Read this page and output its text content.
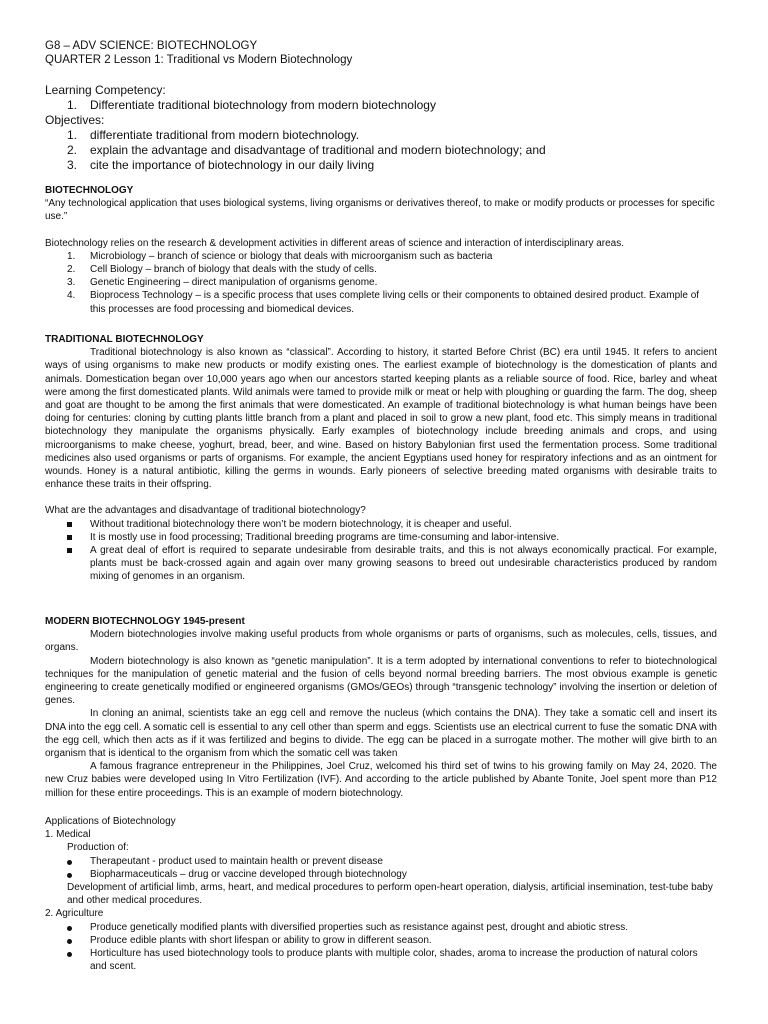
G8 – ADV SCIENCE: BIOTECHNOLOGY
QUARTER 2 Lesson 1: Traditional vs Modern Biotechnology
Learning Competency:
1. Differentiate traditional biotechnology from modern biotechnology
Objectives:
1. differentiate traditional from modern biotechnology.
2. explain the advantage and disadvantage of traditional and modern biotechnology; and
3. cite the importance of biotechnology in our daily living
BIOTECHNOLOGY

“Any technological application that uses biological systems, living organisms or derivatives thereof, to make or modify products or processes for specific use.”

Biotechnology relies on the research & development activities in different areas of science and interaction of interdisciplinary areas.

1. Microbiology – branch of science or biology that deals with microorganism such as bacteria
2. Cell Biology – branch of biology that deals with the study of cells.
3. Genetic Engineering – direct manipulation of organisms genome.
4. Bioprocess Technology – is a specific process that uses complete living cells or their components to obtained desired product. Example of this processes are food processing and biomedical devices.
TRADITIONAL BIOTECHNOLOGY

Traditional biotechnology is also known as “classical”. According to history, it started Before Christ (BC) era until 1945. It refers to ancient ways of using organisms to make new products or modify existing ones. The earliest example of biotechnology is the domestication of plants and animals. Domestication began over 10,000 years ago when our ancestors started keeping plants as a reliable source of food. Rice, barley and wheat were among the first domesticated plants. Wild animals were tamed to provide milk or meat or help with ploughing or guarding the farm. The dog, sheep and goat are thought to be among the first animals that were domesticated. An example of traditional biotechnology is what human beings have been doing for centuries: cloning by cutting plants little branch from a plant and placed in soil to grow a new plant, food etc. This simply means in traditional biotechnology they manipulate the organisms physically. Early examples of biotechnology include breeding animals and crops, and using microorganisms to make cheese, yoghurt, bread, beer, and wine. Based on history Babylonian first used the fermentation process. Some traditional medicines also used organisms or parts of organisms. For example, the ancient Egyptians used honey for respiratory infections and as an ointment for wounds. Honey is a natural antibiotic, killing the germs in wounds. Early pioneers of selective breeding mated organisms with desirable traits to enhance these traits in their offspring.

What are the advantages and disadvantage of traditional biotechnology?

Without traditional biotechnology there won’t be modern biotechnology, it is cheaper and useful.
It is mostly use in food processing; Traditional breeding programs are time-consuming and labor-intensive.
A great deal of effort is required to separate undesirable from desirable traits, and this is not always economically practical. For example, plants must be back-crossed again and again over many growing seasons to breed out undesirable characteristics produced by random mixing of genomes in an organism.
MODERN BIOTECHNOLOGY 1945-present

Modern biotechnologies involve making useful products from whole organisms or parts of organisms, such as molecules, cells, tissues, and organs.

Modern biotechnology is also known as “genetic manipulation”. It is a term adopted by international conventions to refer to biotechnological techniques for the manipulation of genetic material and the fusion of cells beyond normal breeding barriers. The most obvious example is genetic engineering to create genetically modified or engineered organisms (GMOs/GEOs) through “transgenic technology” involving the insertion or deletion of genes.

In cloning an animal, scientists take an egg cell and remove the nucleus (which contains the DNA). They take a somatic cell and insert its DNA into the egg cell. A somatic cell is essential to any cell other than sperm and eggs. Scientists use an electrical current to fuse the somatic DNA with the egg cell, which then acts as if it was fertilized and begins to divide. The egg can be placed in a surrogate mother. The mother will give birth to an organism that is identical to the organism from which the somatic cell was taken

A famous fragrance entrepreneur in the Philippines, Joel Cruz, welcomed his third set of twins to his growing family on May 24, 2020. The new Cruz babies were developed using In Vitro Fertilization (IVF). And according to the article published by Abante Tonite, Joel spent more than P12 million for these entire proceedings. This is an example of modern biotechnology.

Applications of Biotechnology
1. Medical
Production of:
Therapeutant - product used to maintain health or prevent disease
Biopharmaceuticals – drug or vaccine developed through biotechnology
Development of artificial limb, arms, heart, and medical procedures to perform open-heart operation, dialysis, artificial insemination, test-tube baby and other medical procedures.
2. Agriculture
Produce genetically modified plants with diversified properties such as resistance against pest, drought and abiotic stress.
Produce edible plants with short lifespan or ability to grow in different season.
Horticulture has used biotechnology tools to produce plants with multiple color, shades, aroma to increase the production of natural colors and scent.
